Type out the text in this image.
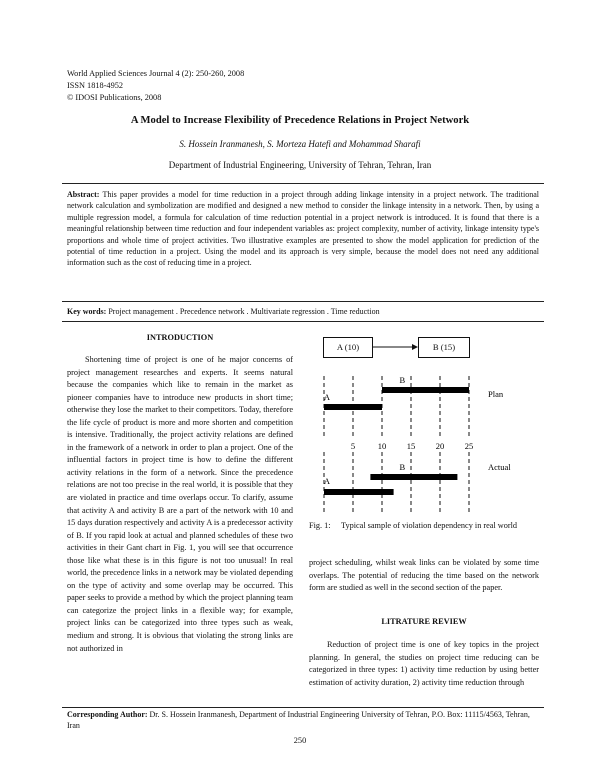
World Applied Sciences Journal 4 (2): 250-260, 2008
ISSN 1818-4952
© IDOSI Publications, 2008
A Model to Increase Flexibility of Precedence Relations in Project Network
S. Hossein Iranmanesh, S. Morteza Hatefi and Mohammad Sharafi
Department of Industrial Engineering, University of Tehran, Tehran, Iran
Abstract: This paper provides a model for time reduction in a project through adding linkage intensity in a project network. The traditional network calculation and symbolization are modified and designed a new method to consider the linkage intensity in a network. Then, by using a multiple regression model, a formula for calculation of time reduction potential in a project network is introduced. It is found that there is a meaningful relationship between time reduction and four independent variables as: project complexity, number of activity, linkage intensity type's proportions and whole time of project activities. Two illustrative examples are presented to show the model application for prediction of the potential of time reduction in a project. Using the model and its approach is very simple, because the model does not need any additional information such as the cost of reducing time in a project.
Key words: Project management . Precedence network . Multivariate regression . Time reduction
INTRODUCTION
Shortening time of project is one of he major concerns of project management researches and experts. It seems natural because the companies which like to remain in the market as pioneer companies have to introduce new products in short time; otherwise they lose the market to their competitors. Today, therefore the life cycle of product is more and more shorten and competition is intensive. Traditionally, the project activity relations are defined in the framework of a network in order to plan a project. One of the influential factors in project time is how to define the different activity relations in the form of a network. Since the precedence relations are not too precise in the real world, it is possible that they are violated in practice and time overlaps occur. To clarify, assume that activity A and activity B are a part of the network with 10 and 15 days duration respectively and activity A is a predecessor activity of B. If you rapid look at actual and planned schedules of these two activities in their Gant chart in Fig. 1, you will see that occurrence those like what these is in this figure is not too unusual! In real world, the precedence links in a network may be violated depending on the type of activity and some overlap may be occurred. This paper seeks to provide a method by which the project planning team can categorize the project links in a flexible way; for example, project links can be categorized into three types such as weak, medium and strong. It is obvious that violating the strong links are not authorized in
A (10)	B (15)
A
B
A
B
5	10 15 20 25
Plan
Actual
Fig. 1: Typical sample of violation dependency in real world
project scheduling, whilst weak links can be violated by some time overlaps. The potential of reducing the time based on the network form are studied as well in the second section of the paper.
LITRATURE REVIEW
Reduction of project time is one of key topics in the project planning. In general, the studies on project time reducing can be categorized in three types: 1) activity time reduction by using better estimation of activity duration, 2) activity time reduction through
Corresponding Author: Dr. S. Hossein Iranmanesh, Department of Industrial Engineering University of Tehran, P.O. Box: 11115/4563, Tehran, Iran
250
